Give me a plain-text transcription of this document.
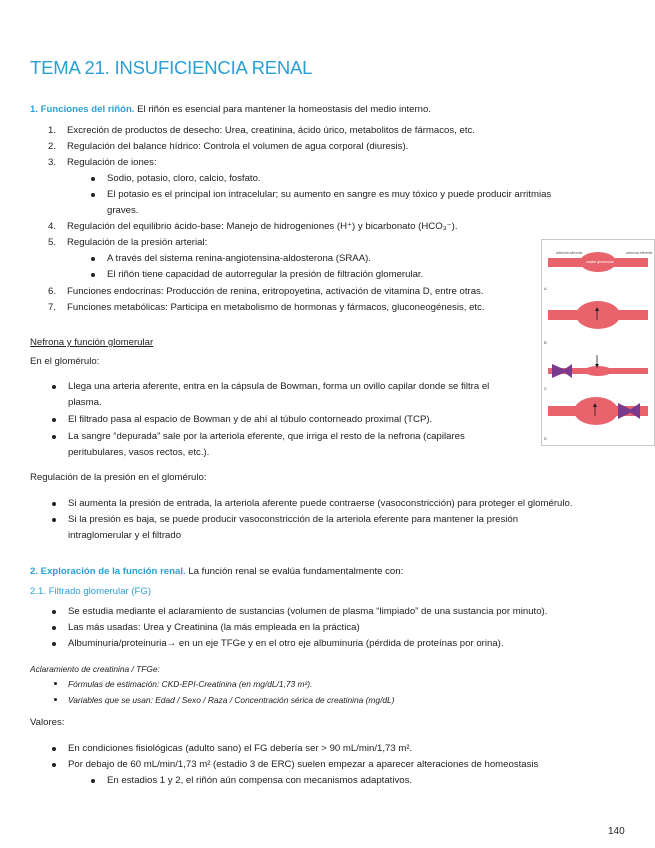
TEMA 21. INSUFICIENCIA RENAL
1. Funciones del riñón. El riñón es esencial para mantener la homeostasis del medio interno.
1. Excreción de productos de desecho: Urea, creatinina, ácido úrico, metabolitos de fármacos, etc.
2. Regulación del balance hídrico: Controla el volumen de agua corporal (diuresis).
3. Regulación de iones:
Sodio, potasio, cloro, calcio, fosfato.
El potasio es el principal ion intracelular; su aumento en sangre es muy tóxico y puede producir arritmias
graves.
4. Regulación del equilibrio ácido-base: Manejo de hidrogeniones (H⁺) y bicarbonato (HCO₃⁻).
5. Regulación de la presión arterial:
A través del sistema renina-angiotensina-aldosterona (SRAA).
El riñón tiene capacidad de autorregular la presión de filtración glomerular.
6. Funciones endocrinas: Producción de renina, eritropoyetina, activación de vitamina D, entre otras.
7. Funciones metabólicas: Participa en metabolismo de hormonas y fármacos, gluconeogénesis, etc.
Nefrona y función glomerular
En el glomérulo:
Llega una arteria aferente, entra en la cápsula de Bowman, forma un ovillo capilar donde se filtra el
plasma.
El filtrado pasa al espacio de Bowman y de ahí al túbulo contorneado proximal (TCP).
La sangre “depurada” sale por la arteriola eferente, que irriga el resto de la nefrona (capilares
peritubulares, vasos rectos, etc.).
arteriola aferente	arteriola eferente
capilar glomerular
A
B
C
D
Regulación de la presión en el glomérulo:
Si aumenta la presión de entrada, la arteriola aferente puede contraerse (vasoconstricción) para proteger el glomérulo.
Si la presión es baja, se puede producir vasoconstricción de la arteriola eferente para mantener la presión
intraglomerular y el filtrado
2. Exploración de la función renal. La función renal se evalúa fundamentalmente con:
2.1. Filtrado glomerular (FG)
Se estudia mediante el aclaramiento de sustancias (volumen de plasma “limpiado” de una sustancia por minuto).
Las más usadas: Urea y Creatinina (la más empleada en la práctica)
Albuminuria/proteinuria→ en un eje TFGe y en el otro eje albuminuria (pérdida de proteínas por orina).
Aclaramiento de creatinina / TFGe:
Fórmulas de estimación: CKD-EPI-Creatinina (en mg/dL/1,73 m²).
Variables que se usan: Edad / Sexo / Raza / Concentración sérica de creatinina (mg/dL)
Valores:
En condiciones fisiológicas (adulto sano) el FG debería ser > 90 mL/min/1,73 m².
Por debajo de 60 mL/min/1,73 m² (estadio 3 de ERC) suelen empezar a aparecer alteraciones de homeostasis
En estadios 1 y 2, el riñón aún compensa con mecanismos adaptativos.
140
